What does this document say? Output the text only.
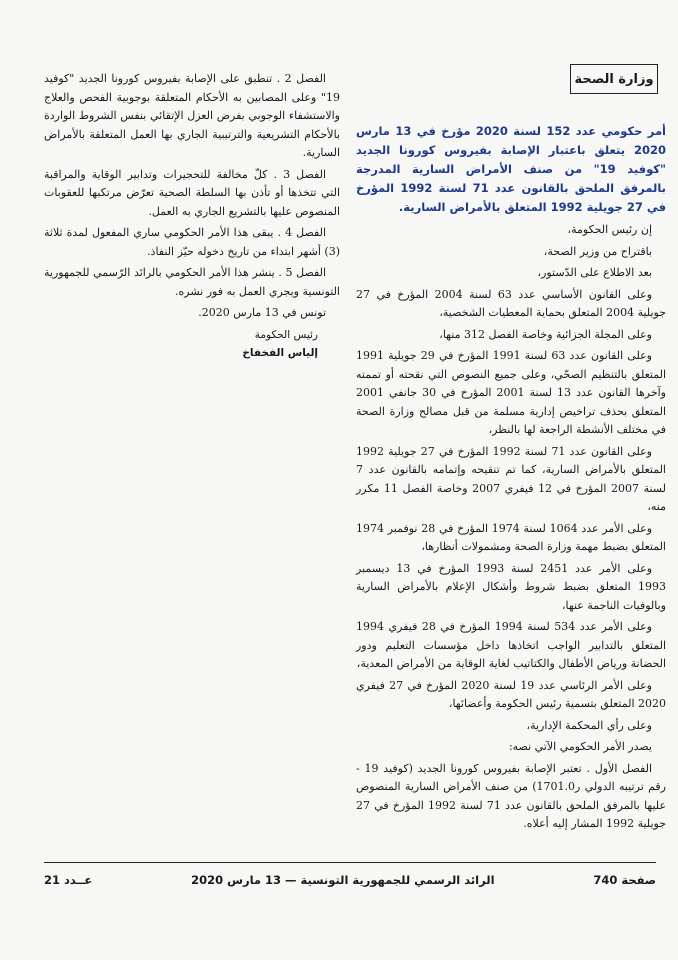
وزارة الصحة
أمر حكومي عدد 152 لسنة 2020 مؤرخ في 13 مارس 2020 يتعلق باعتبار الإصابة بفيروس كورونا الجديد "كوفيد 19" من صنف الأمراض السارية المدرجة بالمرفق الملحق بالقانون عدد 71 لسنة 1992 المؤرخ في 27 جويلية 1992 المتعلق بالأمراض السارية.

إن رئيس الحكومة،

باقتراح من وزير الصحة،

بعد الاطلاع على الدّستور،

وعلى القانون الأساسي عدد 63 لسنة 2004 المؤرخ في 27 جويلية 2004 المتعلق بحماية المعطيات الشخصية،

وعلى المجلة الجزائية وخاصة الفصل 312 منها،

وعلى القانون عدد 63 لسنة 1991 المؤرخ في 29 جويلية 1991 المتعلق بالتنظيم الصحّي، وعلى جميع النصوص التي نقحته أو تممته وآخرها القانون عدد 13 لسنة 2001 المؤرخ في 30 جانفي 2001 المتعلق بحذف تراخيص إدارية مسلمة من قبل مصالح وزارة الصحة في مختلف الأنشطة الراجعة لها بالنظر،

وعلى القانون عدد 71 لسنة 1992 المؤرخ في 27 جويلية 1992 المتعلق بالأمراض السارية، كما تم تنقيحه وإتمامه بالقانون عدد 7 لسنة 2007 المؤرخ في 12 فيفري 2007 وخاصة الفصل 11 مكرر منه،

وعلى الأمر عدد 1064 لسنة 1974 المؤرخ في 28 نوفمبر 1974 المتعلق بضبط مهمة وزارة الصحة ومشمولات أنظارها،

وعلى الأمر عدد 2451 لسنة 1993 المؤرخ في 13 ديسمبر 1993 المتعلق بضبط شروط وأشكال الإعلام بالأمراض السارية وبالوفيات الناجمة عنها،

وعلى الأمر عدد 534 لسنة 1994 المؤرخ في 28 فيفري 1994 المتعلق بالتدابير الواجب اتخاذها داخل مؤسسات التعليم ودور الحضانة ورياض الأطفال والكتاتيب لغاية الوقاية من الأمراض المعدية،

وعلى الأمر الرئاسي عدد 19 لسنة 2020 المؤرخ في 27 فيفري 2020 المتعلق بتسمية رئيس الحكومة وأعضائها،

وعلى رأي المحكمة الإدارية،

يصدر الأمر الحكومي الآتي نصه:

الفصل الأول . تعتبر الإصابة بفيروس كورونا الجديد (كوفيد 19 - رقم ترتيبه الدولي ر1701.0) من صنف الأمراض السارية المنصوص عليها بالمرفق الملحق بالقانون عدد 71 لسنة 1992 المؤرخ في 27 جويلية 1992 المشار إليه أعلاه.

الفصل 2 . تنطبق على الإصابة بفيروس كورونا الجديد "كوفيد 19" وعلى المصابين به الأحكام المتعلقة بوجوبية الفحص والعلاج والاستشفاء الوجوبي بفرض العزل الإتقائي بنفس الشروط الواردة بالأحكام التشريعية والترتيبية الجاري بها العمل المتعلقة بالأمراض السارية.

الفصل 3 . كلّ مخالفة للتحجيرات وتدابير الوقاية والمراقبة التي تتخذها أو تأذن بها السلطة الصحية تعرّض مرتكبها للعقوبات المنصوص عليها بالتشريع الجاري به العمل.

الفصل 4 . يبقى هذا الأمر الحكومي ساري المفعول لمدة ثلاثة (3) أشهر ابتداء من تاريخ دخوله حيّز النفاذ.

الفصل 5 . ينشر هذا الأمر الحكومي بالرائد الرّسمي للجمهورية التونسية ويجري العمل به فور نشره.

تونس في 13 مارس 2020.

رئيس الحكومة
إلياس الفخفاخ
صفحة 740
الرائد الرسمي للجمهورية التونسية — 13 مارس 2020
عــدد 21
